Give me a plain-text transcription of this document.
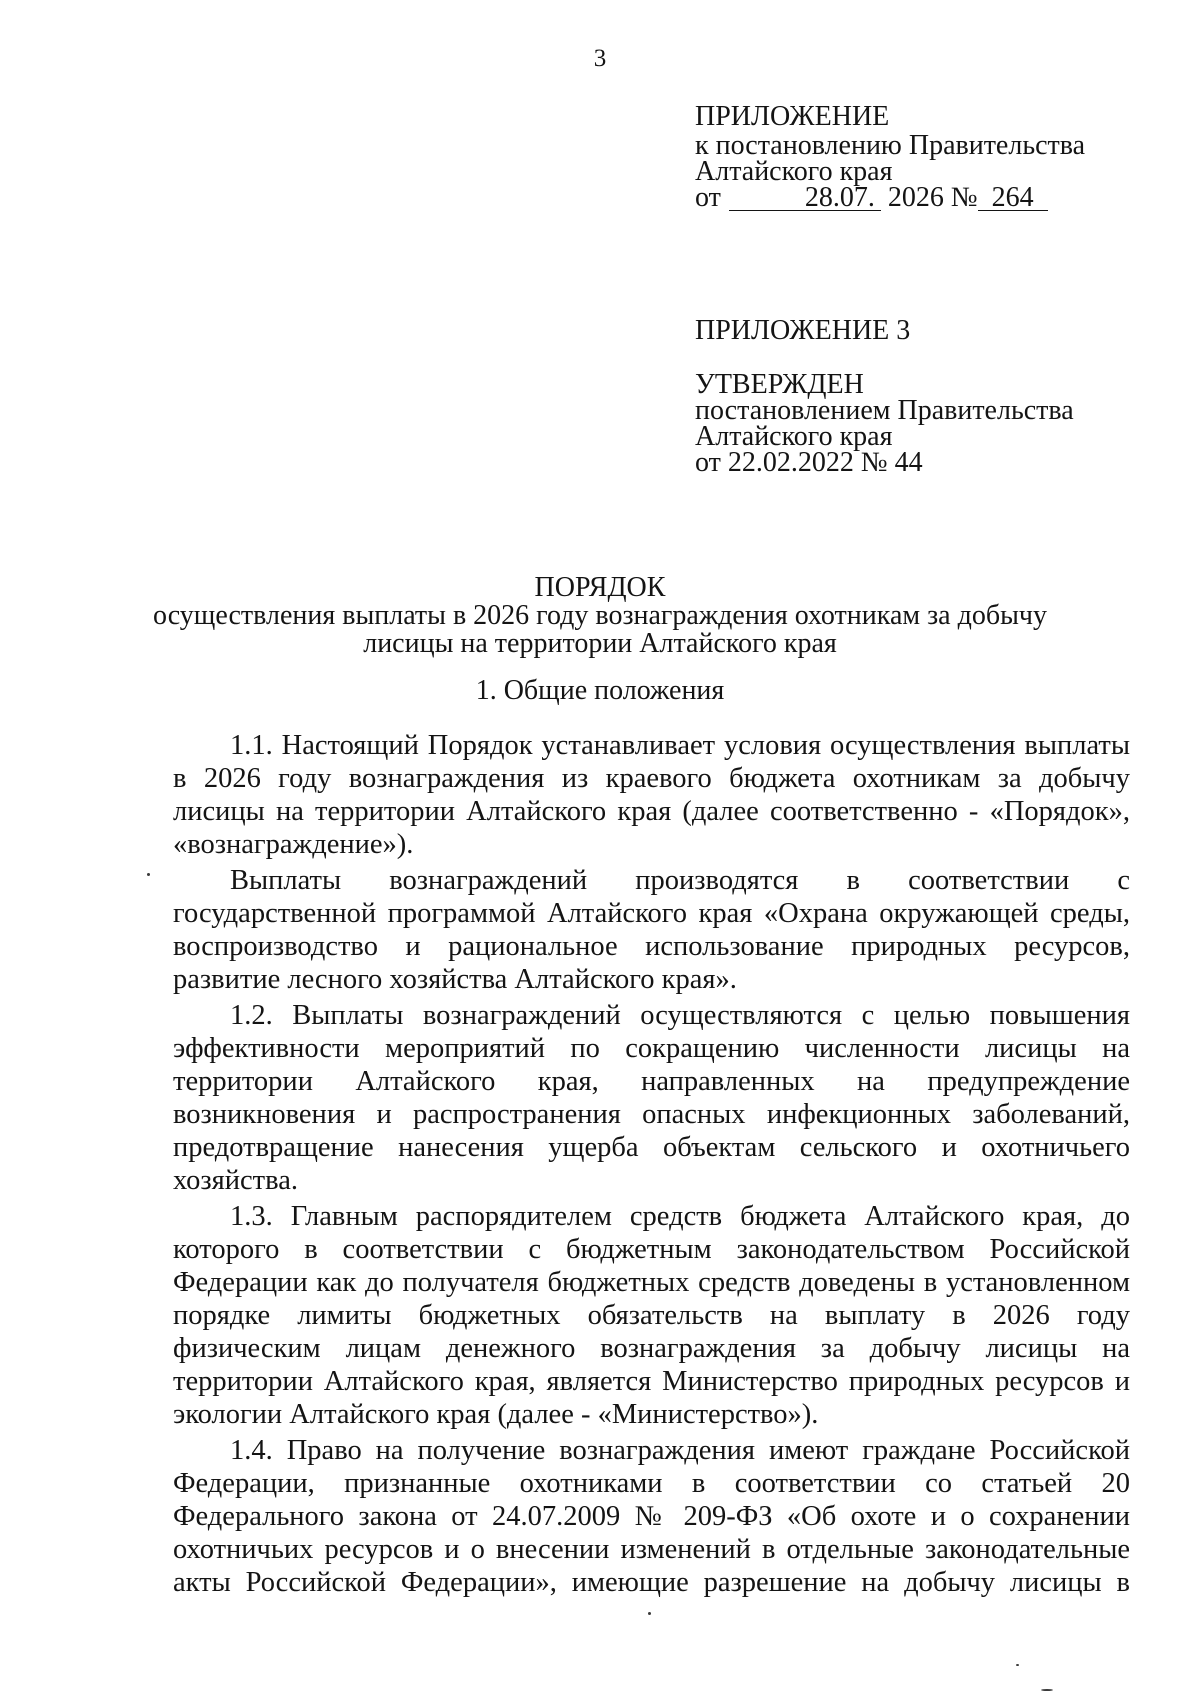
3
ПРИЛОЖЕНИЕ
к постановлению Правительства
Алтайского края
от	28.07. 2026 № 264
ПРИЛОЖЕНИЕ 3
УТВЕРЖДЕН
постановлением Правительства
Алтайского края
от 22.02.2022 № 44
ПОРЯДОК
осуществления выплаты в 2026 году вознаграждения охотникам за добычу
лисицы на территории Алтайского края
1. Общие положения
1.1. Настоящий Порядок устанавливает условия осуществления выплаты
в 2026 году вознаграждения из краевого бюджета охотникам за добычу
лисицы на территории Алтайского края (далее соответственно - «Порядок»,
«вознаграждение»).
Выплаты вознаграждений производятся в соответствии с
государственной программой Алтайского края «Охрана окружающей среды,
воспроизводство и рациональное использование природных ресурсов,
развитие лесного хозяйства Алтайского края».
1.2. Выплаты вознаграждений осуществляются с целью повышения
эффективности мероприятий по сокращению численности лисицы на
территории Алтайского края, направленных на предупреждение
возникновения и распространения опасных инфекционных заболеваний,
предотвращение нанесения ущерба объектам сельского и охотничьего
хозяйства.
1.3. Главным распорядителем средств бюджета Алтайского края, до
которого в соответствии с бюджетным законодательством Российской
Федерации как до получателя бюджетных средств доведены в установленном
порядке лимиты бюджетных обязательств на выплату в 2026 году
физическим лицам денежного вознаграждения за добычу лисицы на
территории Алтайского края, является Министерство природных ресурсов и
экологии Алтайского края (далее - «Министерство»).
1.4. Право на получение вознаграждения имеют граждане Российской
Федерации, признанные охотниками в соответствии со статьей 20
Федерального закона от 24.07.2009 № 209-ФЗ «Об охоте и о сохранении
охотничьих ресурсов и о внесении изменений в отдельные законодательные
акты Российской Федерации», имеющие разрешение на добычу лисицы в
